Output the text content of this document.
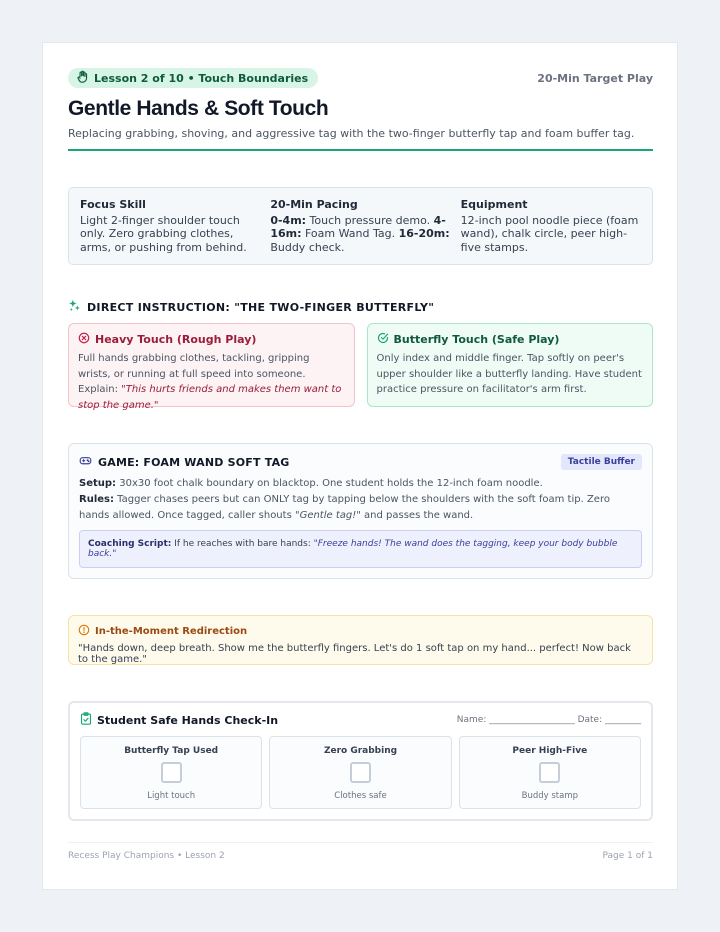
Lesson 2 of 10 • Touch Boundaries	20-Min Target Play
Gentle Hands & Soft Touch
Replacing grabbing, shoving, and aggressive tag with the two-finger butterfly tap and foam buffer tag.
Focus Skill
Light 2-finger shoulder touch only. Zero grabbing clothes, arms, or pushing from behind.
20-Min Pacing
0-4m: Touch pressure demo. 4-16m: Foam Wand Tag. 16-20m: Buddy check.
Equipment
12-inch pool noodle piece (foam wand), chalk circle, peer high-five stamps.
DIRECT INSTRUCTION: "THE TWO-FINGER BUTTERFLY"
Heavy Touch (Rough Play)
Full hands grabbing clothes, tackling, gripping wrists, or running at full speed into someone. Explain: "This hurts friends and makes them want to stop the game."
Butterfly Touch (Safe Play)
Only index and middle finger. Tap softly on peer's upper shoulder like a butterfly landing. Have student practice pressure on facilitator's arm first.
GAME: FOAM WAND SOFT TAG	Tactile Buffer
Setup: 30x30 foot chalk boundary on blacktop. One student holds the 12-inch foam noodle.
Rules: Tagger chases peers but can ONLY tag by tapping below the shoulders with the soft foam tip. Zero hands allowed. Once tagged, caller shouts "Gentle tag!" and passes the wand.
Coaching Script: If he reaches with bare hands: "Freeze hands! The wand does the tagging, keep your body bubble back."
In-the-Moment Redirection
"Hands down, deep breath. Show me the butterfly fingers. Let's do 1 soft tap on my hand... perfect! Now back to the game."
Student Safe Hands Check-In	Name: ___________________ Date: ________
Butterfly Tap Used
Light touch
Zero Grabbing
Clothes safe
Peer High-Five
Buddy stamp
Recess Play Champions • Lesson 2	Page 1 of 1
